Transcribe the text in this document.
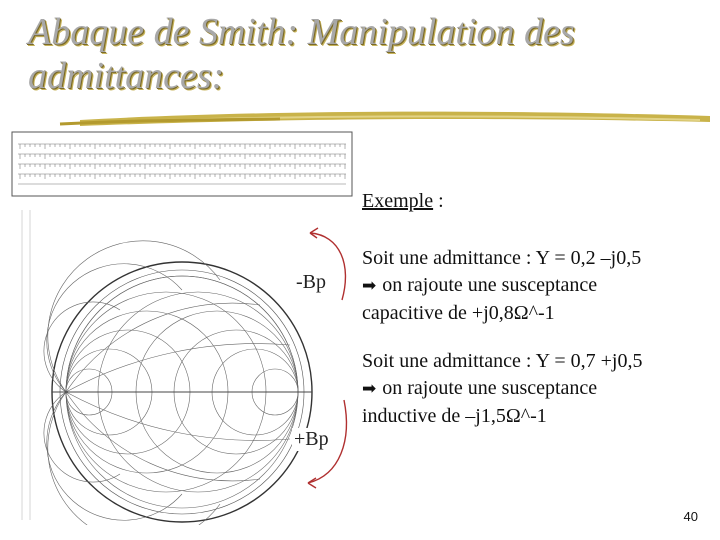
Abaque de Smith: Manipulation des
admittances:
-Bp
+Bp
Exemple :
Soit une admittance : Y = 0,2 –j0,5
➡ on rajoute une susceptance
capacitive de +j0,8Ω^-1
Soit une admittance : Y = 0,7 +j0,5
➡ on rajoute une susceptance
inductive de –j1,5Ω^-1
40
